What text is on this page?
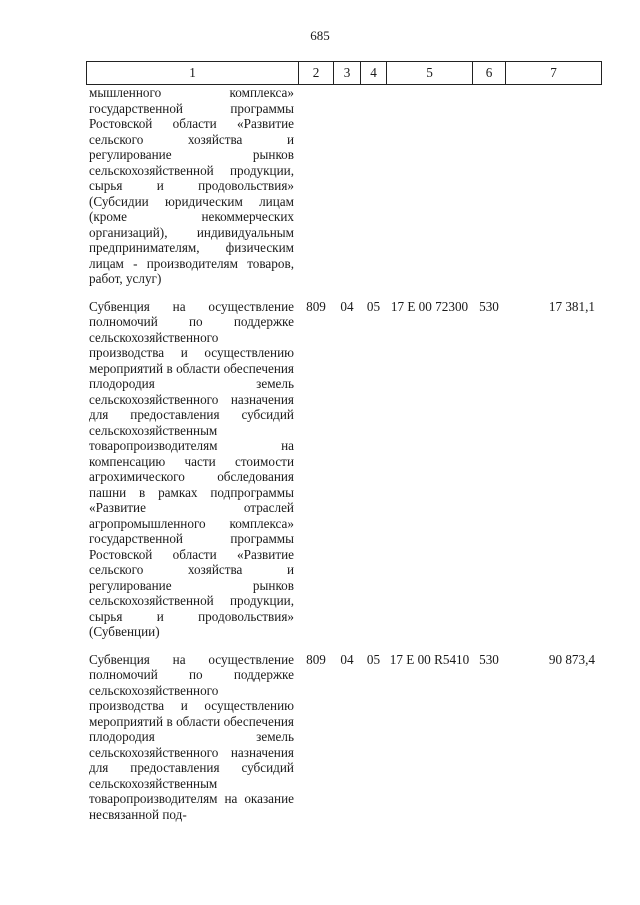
685
1	2	3	4	5	6	7
мышленного комплекса» государственной программы Ростовской области «Развитие сельского хозяйства и регулирование рынков сельскохозяйственной продукции, сырья и продовольствия» (Субсидии юридическим лицам (кроме некоммерческих организаций), индивидуальным предпринимателям, физическим лицам - производителям товаров, работ, услуг)						
Субвенция на осуществление полномочий по поддержке сельскохозяйственного производства и осуществлению мероприятий в области обеспечения плодородия земель сельскохозяйственного назначения для предоставления субсидий сельскохозяйственным товаропроизводителям на компенсацию части стоимости агрохимического обследования пашни в рамках подпрограммы «Развитие отраслей агропромышленного комплекса» государственной программы Ростовской области «Развитие сельского хозяйства и регулирование рынков сельскохозяйственной продукции, сырья и продовольствия» (Субвенции)	809	04	05	17 Е 00 72300	530	17 381,1
Субвенция на осуществление полномочий по поддержке сельскохозяйственного производства и осуществлению мероприятий в области обеспечения плодородия земель сельскохозяйственного назначения для предоставления субсидий сельскохозяйственным товаропроизводителям на оказание несвязанной под-	809	04	05	17 Е 00 R5410	530	90 873,4
